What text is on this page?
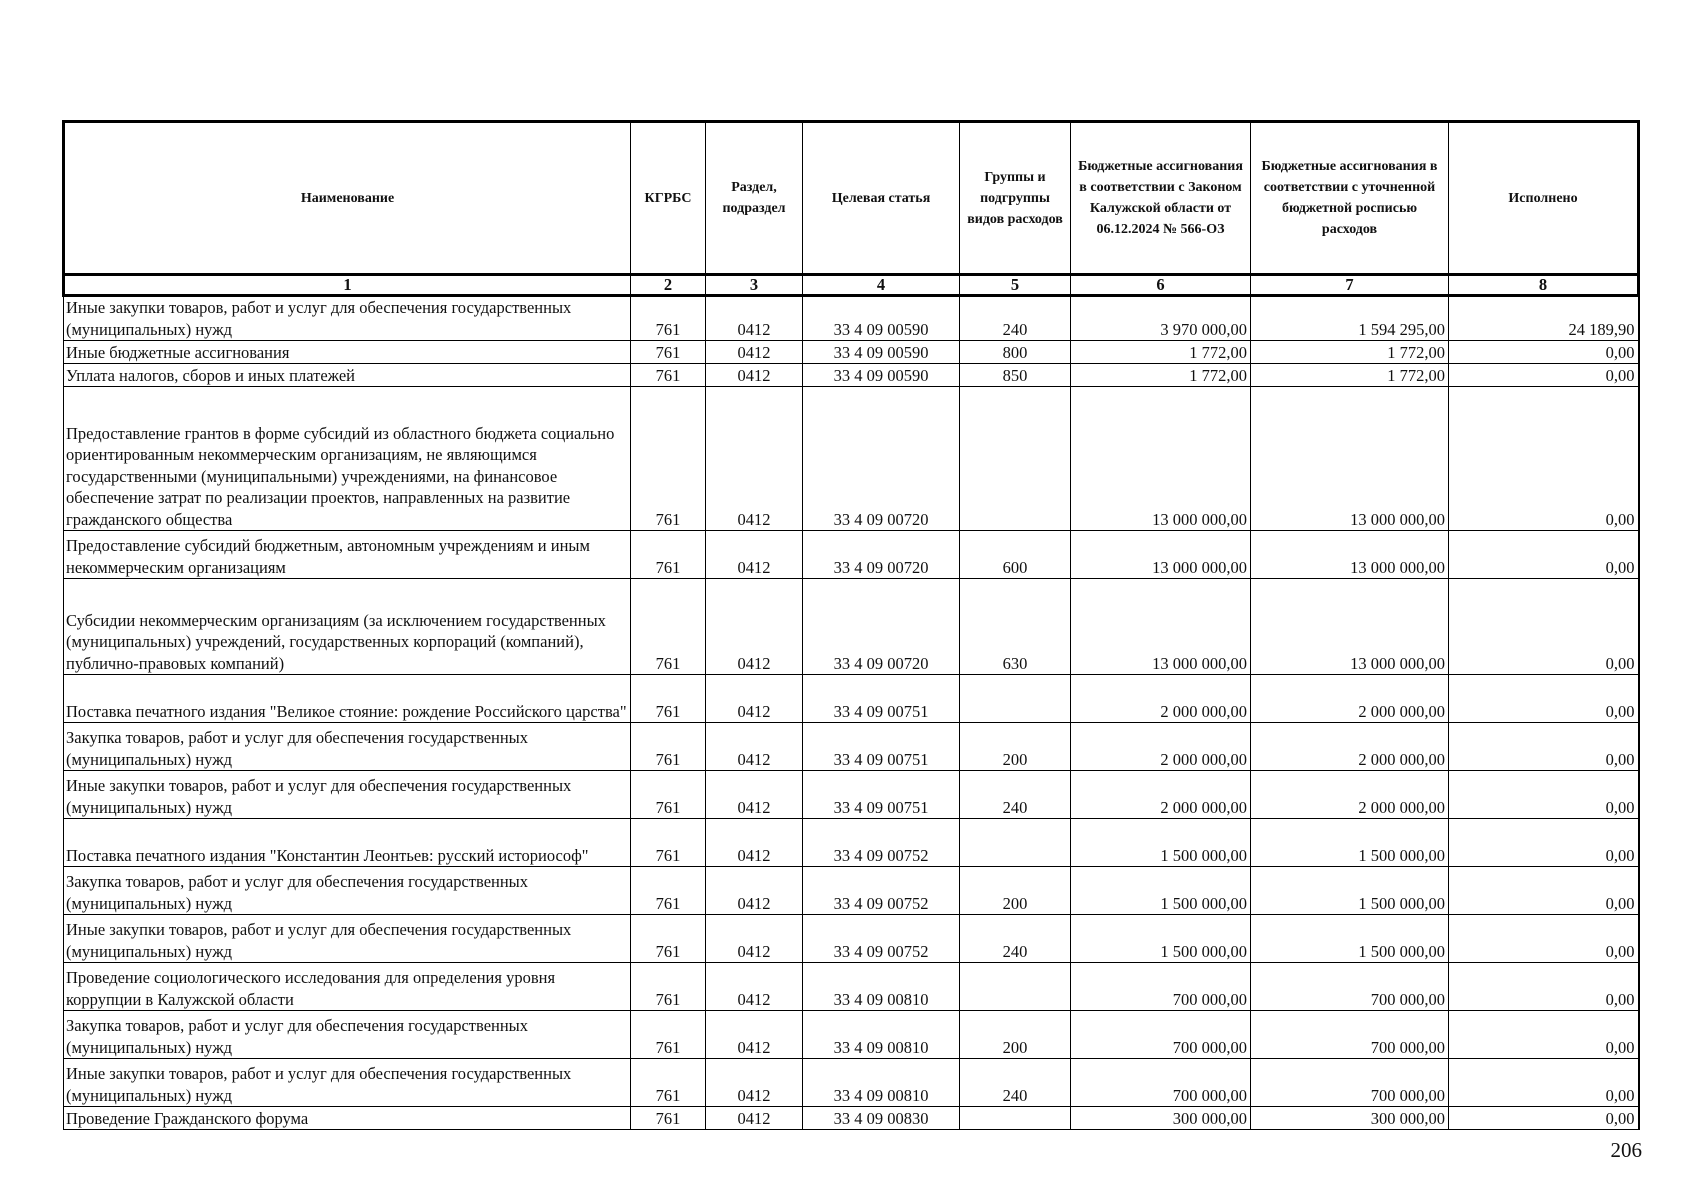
Наименование	КГРБС	Раздел, подраздел	Целевая статья	Группы и подгруппы видов расходов	Бюджетные ассигнования в соответствии с Законом Калужской области от 06.12.2024 № 566-ОЗ	Бюджетные ассигнования в соответствии с уточненной бюджетной росписью расходов	Исполнено
1	2	3	4	5	6	7	8
Иные закупки товаров, работ и услуг для обеспечения государственных (муниципальных) нужд	761	0412	33 4 09 00590	240	3 970 000,00	1 594 295,00	24 189,90
Иные бюджетные ассигнования	761	0412	33 4 09 00590	800	1 772,00	1 772,00	0,00
Уплата налогов, сборов и иных платежей	761	0412	33 4 09 00590	850	1 772,00	1 772,00	0,00
Предоставление грантов в форме субсидий из областного бюджета социально ориентированным некоммерческим организациям, не являющимся государственными (муниципальными) учреждениями, на финансовое обеспечение затрат по реализации проектов, направленных на развитие гражданского общества	761	0412	33 4 09 00720		13 000 000,00	13 000 000,00	0,00
Предоставление субсидий бюджетным, автономным учреждениям и иным некоммерческим организациям	761	0412	33 4 09 00720	600	13 000 000,00	13 000 000,00	0,00
Субсидии некоммерческим организациям (за исключением государственных (муниципальных) учреждений, государственных корпораций (компаний), публично-правовых компаний)	761	0412	33 4 09 00720	630	13 000 000,00	13 000 000,00	0,00
Поставка печатного издания "Великое стояние: рождение Российского царства"	761	0412	33 4 09 00751		2 000 000,00	2 000 000,00	0,00
Закупка товаров, работ и услуг для обеспечения государственных (муниципальных) нужд	761	0412	33 4 09 00751	200	2 000 000,00	2 000 000,00	0,00
Иные закупки товаров, работ и услуг для обеспечения государственных (муниципальных) нужд	761	0412	33 4 09 00751	240	2 000 000,00	2 000 000,00	0,00
Поставка печатного издания "Константин Леонтьев: русский историософ"	761	0412	33 4 09 00752		1 500 000,00	1 500 000,00	0,00
Закупка товаров, работ и услуг для обеспечения государственных (муниципальных) нужд	761	0412	33 4 09 00752	200	1 500 000,00	1 500 000,00	0,00
Иные закупки товаров, работ и услуг для обеспечения государственных (муниципальных) нужд	761	0412	33 4 09 00752	240	1 500 000,00	1 500 000,00	0,00
Проведение социологического исследования для определения уровня коррупции в Калужской области	761	0412	33 4 09 00810		700 000,00	700 000,00	0,00
Закупка товаров, работ и услуг для обеспечения государственных (муниципальных) нужд	761	0412	33 4 09 00810	200	700 000,00	700 000,00	0,00
Иные закупки товаров, работ и услуг для обеспечения государственных (муниципальных) нужд	761	0412	33 4 09 00810	240	700 000,00	700 000,00	0,00
Проведение Гражданского форума	761	0412	33 4 09 00830		300 000,00	300 000,00	0,00
206
